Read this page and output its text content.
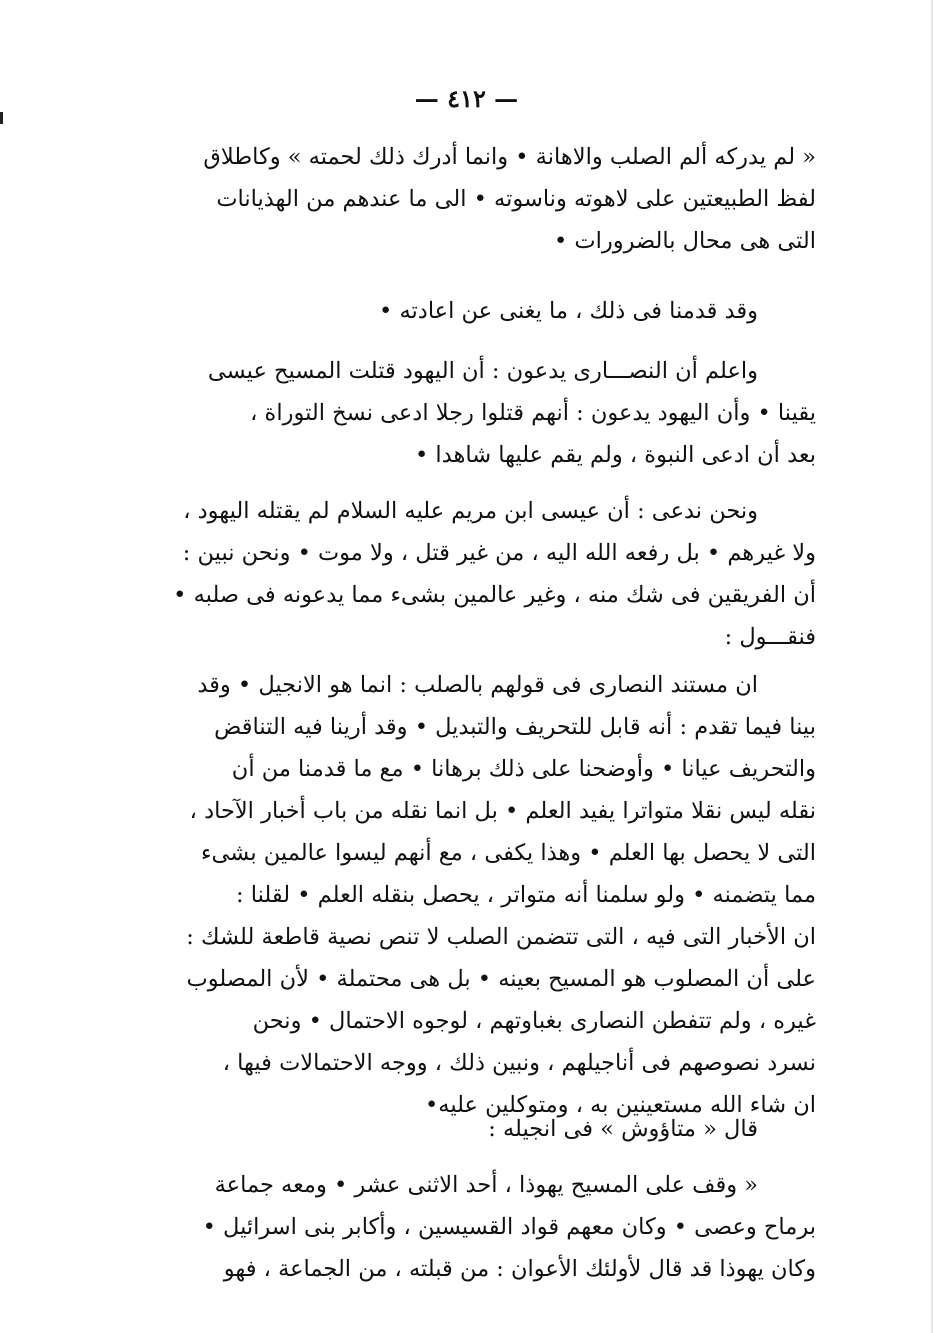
— ٤١٢ —
« لم يدركه ألم الصلب والاهانة • وانما أدرك ذلك لحمته » وكاطلاق
لفظ الطبيعتين على لاهوته وناسوته • الى ما عندهم من الهذيانات
التى هى محال بالضرورات •
وقد قدمنا فى ذلك ، ما يغنى عن اعادته •
واعلم أن النصـــارى يدعون : أن اليهود قتلت المسيح عيسى
يقينا • وأن اليهود يدعون : أنهم قتلوا رجلا ادعى نسخ التوراة ،
بعد أن ادعى النبوة ، ولم يقم عليها شاهدا •
ونحن ندعى : أن عيسى ابن مريم عليه السلام لم يقتله اليهود ،
ولا غيرهم • بل رفعه الله اليه ، من غير قتل ، ولا موت • ونحن نبين :
أن الفريقين فى شك منه ، وغير عالمين بشىء مما يدعونه فى صلبه •
فنقـــول :
ان مستند النصارى فى قولهم بالصلب : انما هو الانجيل • وقد
بينا فيما تقدم : أنه قابل للتحريف والتبديل • وقد أرينا فيه التناقض
والتحريف عيانا • وأوضحنا على ذلك برهانا • مع ما قدمنا من أن
نقله ليس نقلا متواترا يفيد العلم • بل انما نقله من باب أخبار الآحاد ،
التى لا يحصل بها العلم • وهذا يكفى ، مع أنهم ليسوا عالمين بشىء
مما يتضمنه • ولو سلمنا أنه متواتر ، يحصل بنقله العلم • لقلنا :
ان الأخبار التى فيه ، التى تتضمن الصلب لا تنص نصية قاطعة للشك :
على أن المصلوب هو المسيح بعينه • بل هى محتملة • لأن المصلوب
غيره ، ولم تتفطن النصارى بغباوتهم ، لوجوه الاحتمال • ونحن
نسرد نصوصهم فى أناجيلهم ، ونبين ذلك ، ووجه الاحتمالات فيها ،
ان شاء الله مستعينين به ، ومتوكلين عليه•
قال « متاؤوش » فى انجيله :
« وقف على المسيح يهوذا ، أحد الاثنى عشر • ومعه جماعة
برماح وعصى • وكان معهم قواد القسيسين ، وأكابر بنى اسرائيل •
وكان يهوذا قد قال لأولئك الأعوان : من قبلته ، من الجماعة ، فهو
